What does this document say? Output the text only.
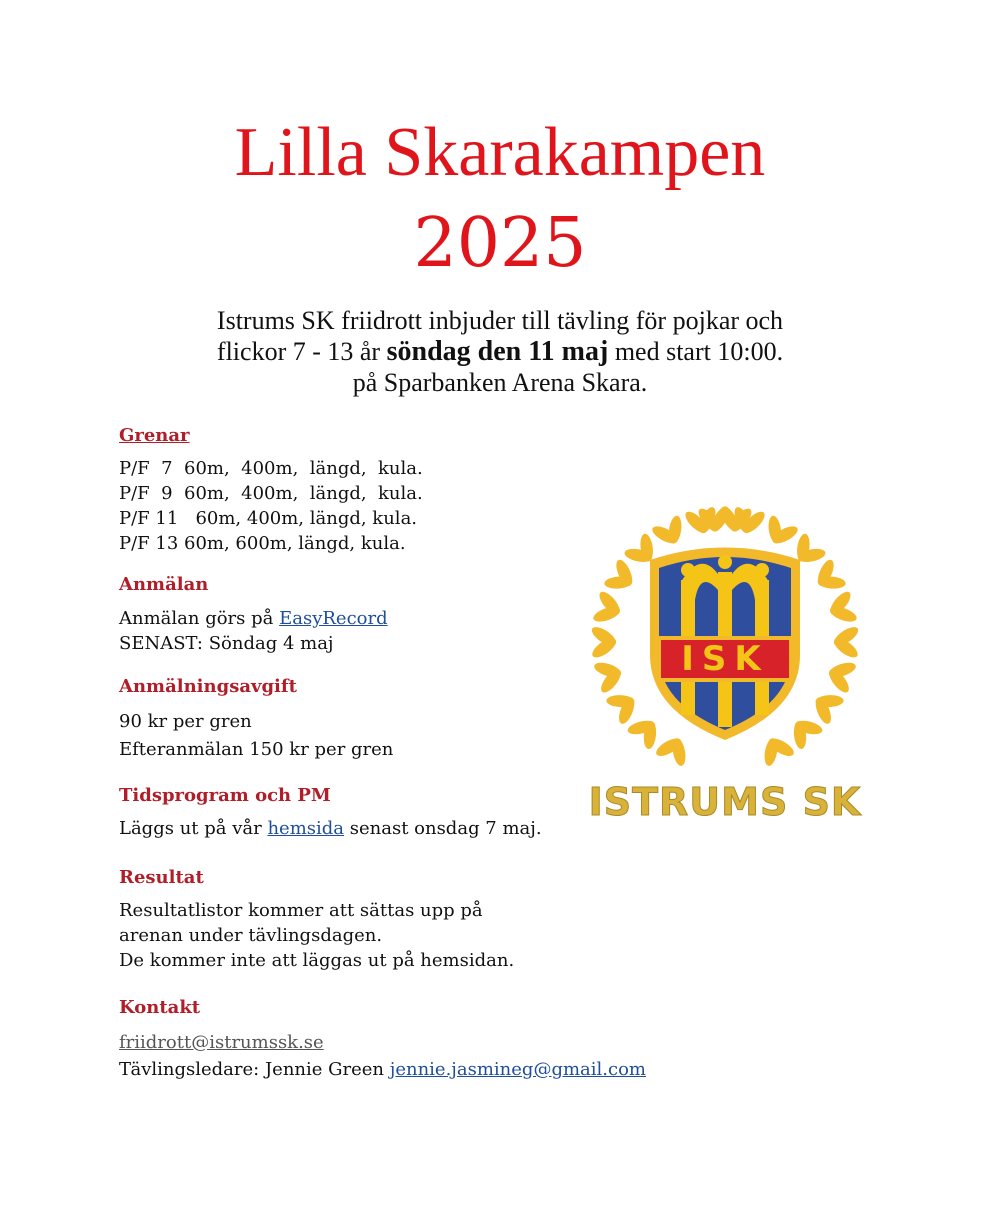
Lilla Skarakampen
2025
Istrums SK friidrott inbjuder till tävling för pojkar och
flickor 7 - 13 år söndag den 11 maj med start 10:00.
på Sparbanken Arena Skara.
Grenar
P/F  7  60m,  400m,  längd,  kula.
P/F  9  60m,  400m,  längd,  kula.
P/F 11   60m, 400m, längd, kula.
P/F 13 60m, 600m, längd, kula.
Anmälan
Anmälan görs på EasyRecord
SENAST: Söndag 4 maj
Anmälningsavgift
90 kr per gren
Efteranmälan 150 kr per gren
Tidsprogram och PM
Läggs ut på vår hemsida senast onsdag 7 maj.
Resultat
Resultatlistor kommer att sättas upp på
arenan under tävlingsdagen.
De kommer inte att läggas ut på hemsidan.
Kontakt
friidrott@istrumssk.se
Tävlingsledare: Jennie Green jennie.jasmineg@gmail.com
ISK
ISTRUMS SK
